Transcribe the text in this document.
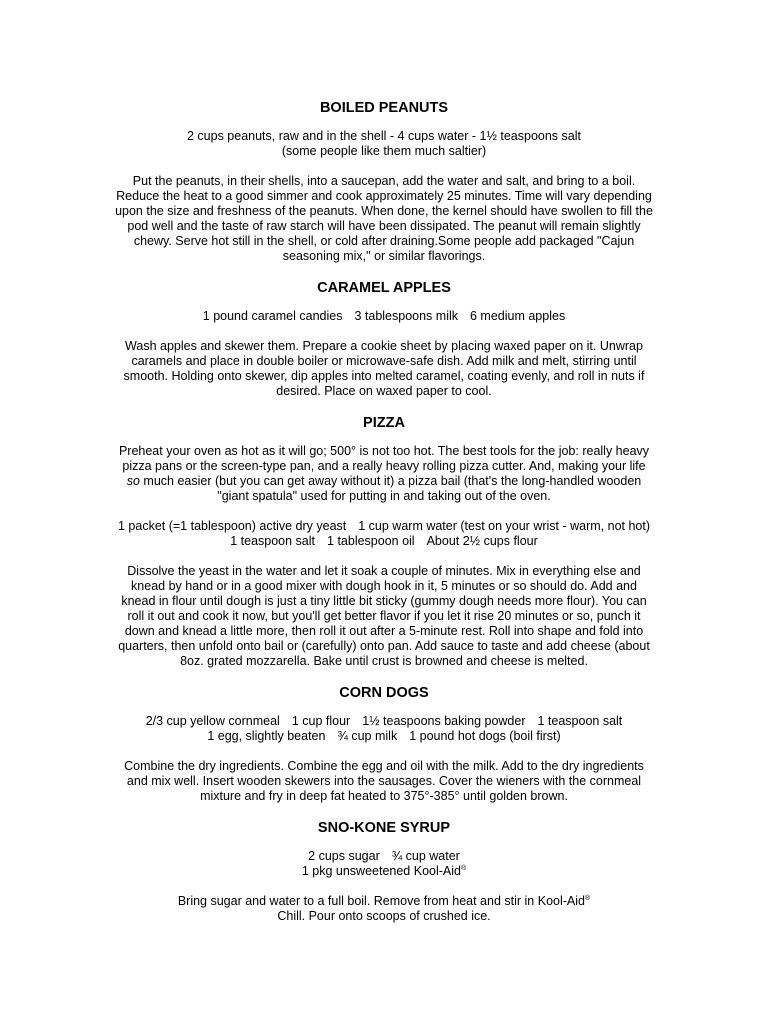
BOILED PEANUTS
2 cups peanuts, raw and in the shell - 4 cups water - 1½ teaspoons salt
(some people like them much saltier)
Put the peanuts, in their shells, into a saucepan, add the water and salt, and bring to a boil.
Reduce the heat to a good simmer and cook approximately 25 minutes. Time will vary depending
upon the size and freshness of the peanuts. When done, the kernel should have swollen to fill the
pod well and the taste of raw starch will have been dissipated. The peanut will remain slightly
chewy. Serve hot still in the shell, or cold after draining.Some people add packaged "Cajun
seasoning mix," or similar flavorings.
CARAMEL APPLES
1 pound caramel candies 3 tablespoons milk 6 medium apples
Wash apples and skewer them. Prepare a cookie sheet by placing waxed paper on it. Unwrap
caramels and place in double boiler or microwave-safe dish. Add milk and melt, stirring until
smooth. Holding onto skewer, dip apples into melted caramel, coating evenly, and roll in nuts if
desired. Place on waxed paper to cool.
PIZZA
Preheat your oven as hot as it will go; 500° is not too hot. The best tools for the job: really heavy
pizza pans or the screen-type pan, and a really heavy rolling pizza cutter. And, making your life
so much easier (but you can get away without it) a pizza bail (that's the long-handled wooden
"giant spatula" used for putting in and taking out of the oven.
1 packet (=1 tablespoon) active dry yeast 1 cup warm water (test on your wrist - warm, not hot)
1 teaspoon salt 1 tablespoon oil About 2½ cups flour
Dissolve the yeast in the water and let it soak a couple of minutes. Mix in everything else and
knead by hand or in a good mixer with dough hook in it, 5 minutes or so should do. Add and
knead in flour until dough is just a tiny little bit sticky (gummy dough needs more flour). You can
roll it out and cook it now, but you'll get better flavor if you let it rise 20 minutes or so, punch it
down and knead a little more, then roll it out after a 5-minute rest. Roll into shape and fold into
quarters, then unfold onto bail or (carefully) onto pan. Add sauce to taste and add cheese (about
8oz. grated mozzarella. Bake until crust is browned and cheese is melted.
CORN DOGS
2/3 cup yellow cornmeal 1 cup flour 1½ teaspoons baking powder 1 teaspoon salt
1 egg, slightly beaten ¾ cup milk 1 pound hot dogs (boil first)
Combine the dry ingredients. Combine the egg and oil with the milk. Add to the dry ingredients
and mix well. Insert wooden skewers into the sausages. Cover the wieners with the cornmeal
mixture and fry in deep fat heated to 375°-385° until golden brown.
SNO-KONE SYRUP
2 cups sugar ¾ cup water
1 pkg unsweetened Kool-Aid®
Bring sugar and water to a full boil. Remove from heat and stir in Kool-Aid®
Chill. Pour onto scoops of crushed ice.
